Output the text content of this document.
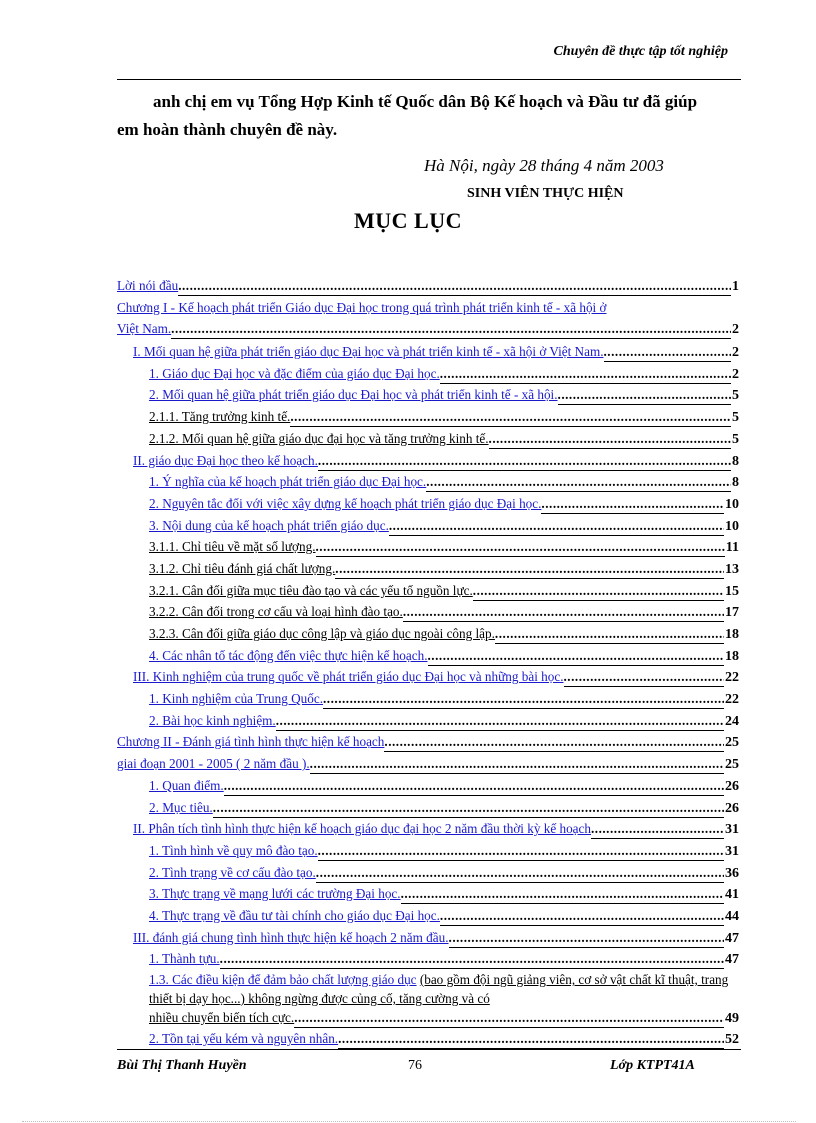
Chuyên đề thực tập tốt nghiệp
anh chị em vụ Tổng Hợp Kinh tế Quốc dân Bộ Kế hoạch và Đầu tư đã giúp
em hoàn thành chuyên đề này.
Hà Nội, ngày 28 tháng 4 năm 2003
SINH VIÊN THỰC HIỆN
MỤC LỤC
Lời nói đầu .....	1
Chương I - Kế hoạch phát triển Giáo dục Đại học trong quá trình phát triển kinh tế - xã hội ở
Việt Nam. .....	2
I. Mối quan hệ giữa phát triển giáo dục Đại học và phát triển kinh tế - xã hội ở Việt Nam. .....	2
1. Giáo dục Đại học và đặc điểm của giáo dục Đại học. .....	2
2. Mối quan hệ giữa phát triển giáo dục Đại học và phát triển kinh tế - xã hội. .....	5
2.1.1. Tăng trưởng kinh tế. .....	5
2.1.2. Mối quan hệ giữa giáo dục đại học và tăng trưởng kinh tế. .....	5
II. giáo dục Đại học theo kế hoạch. .....	8
1. Ý nghĩa của kế hoạch phát triển giáo dục Đại học. .....	8
2. Nguyên tắc đối với việc xây dựng kế hoạch phát triển giáo dục Đại học. .....	10
3. Nội dung của kế hoạch phát triển giáo dục. .....	10
3.1.1. Chỉ tiêu về mặt số lượng. .....	11
3.1.2. Chỉ tiêu đánh giá chất lượng. .....	13
3.2.1. Cân đối giữa mục tiêu đào tạo và các yếu tố nguồn lực. .....	15
3.2.2. Cân đối trong cơ cấu và loại hình đào tạo. .....	17
3.2.3. Cân đối giữa giáo dục công lập và giáo dục ngoài công lập. .....	18
4. Các nhân tố tác động đến việc thực hiện kế hoạch. .....	18
III. Kinh nghiệm của trung quốc về phát triển giáo dục Đại học và những bài học. .....	22
1. Kinh nghiệm của Trung Quốc. .....	22
2. Bài học kinh nghiệm. .....	24
Chương II - Đánh giá tình hình thực hiện kế hoạch .....	25
giai đoạn 2001 - 2005 ( 2 năm đầu ). .....	25
1. Quan điểm. .....	26
2. Mục tiêu. .....	26
II. Phân tích tình hình thực hiện kế hoạch giáo dục đại học 2 năm đầu thời kỳ kế hoạch .....	31
1. Tình hình về quy mô đào tạo. .....	31
2. Tình trạng về cơ cấu đào tạo. .....	36
3. Thực trạng về mạng lưới các trường Đại học. .....	41
4. Thực trạng về đầu tư tài chính cho giáo dục Đại học. .....	44
III. đánh giá chung tình hình thực hiện kế hoạch 2 năm đầu. .....	47
1. Thành tựu. .....	47
1.3. Các điều kiện để đảm bảo chất lượng giáo dục (bao gồm đội ngũ giảng viên, cơ sở vật chất kĩ thuật, trang thiết bị dạy học...) không ngừng được củng cố, tăng cường và có
nhiều chuyển biến tích cực. .....	49
2. Tồn tại yếu kém và nguyên nhân. .....	52
Bùi Thị Thanh Huyền	76	Lớp KTPT41A
